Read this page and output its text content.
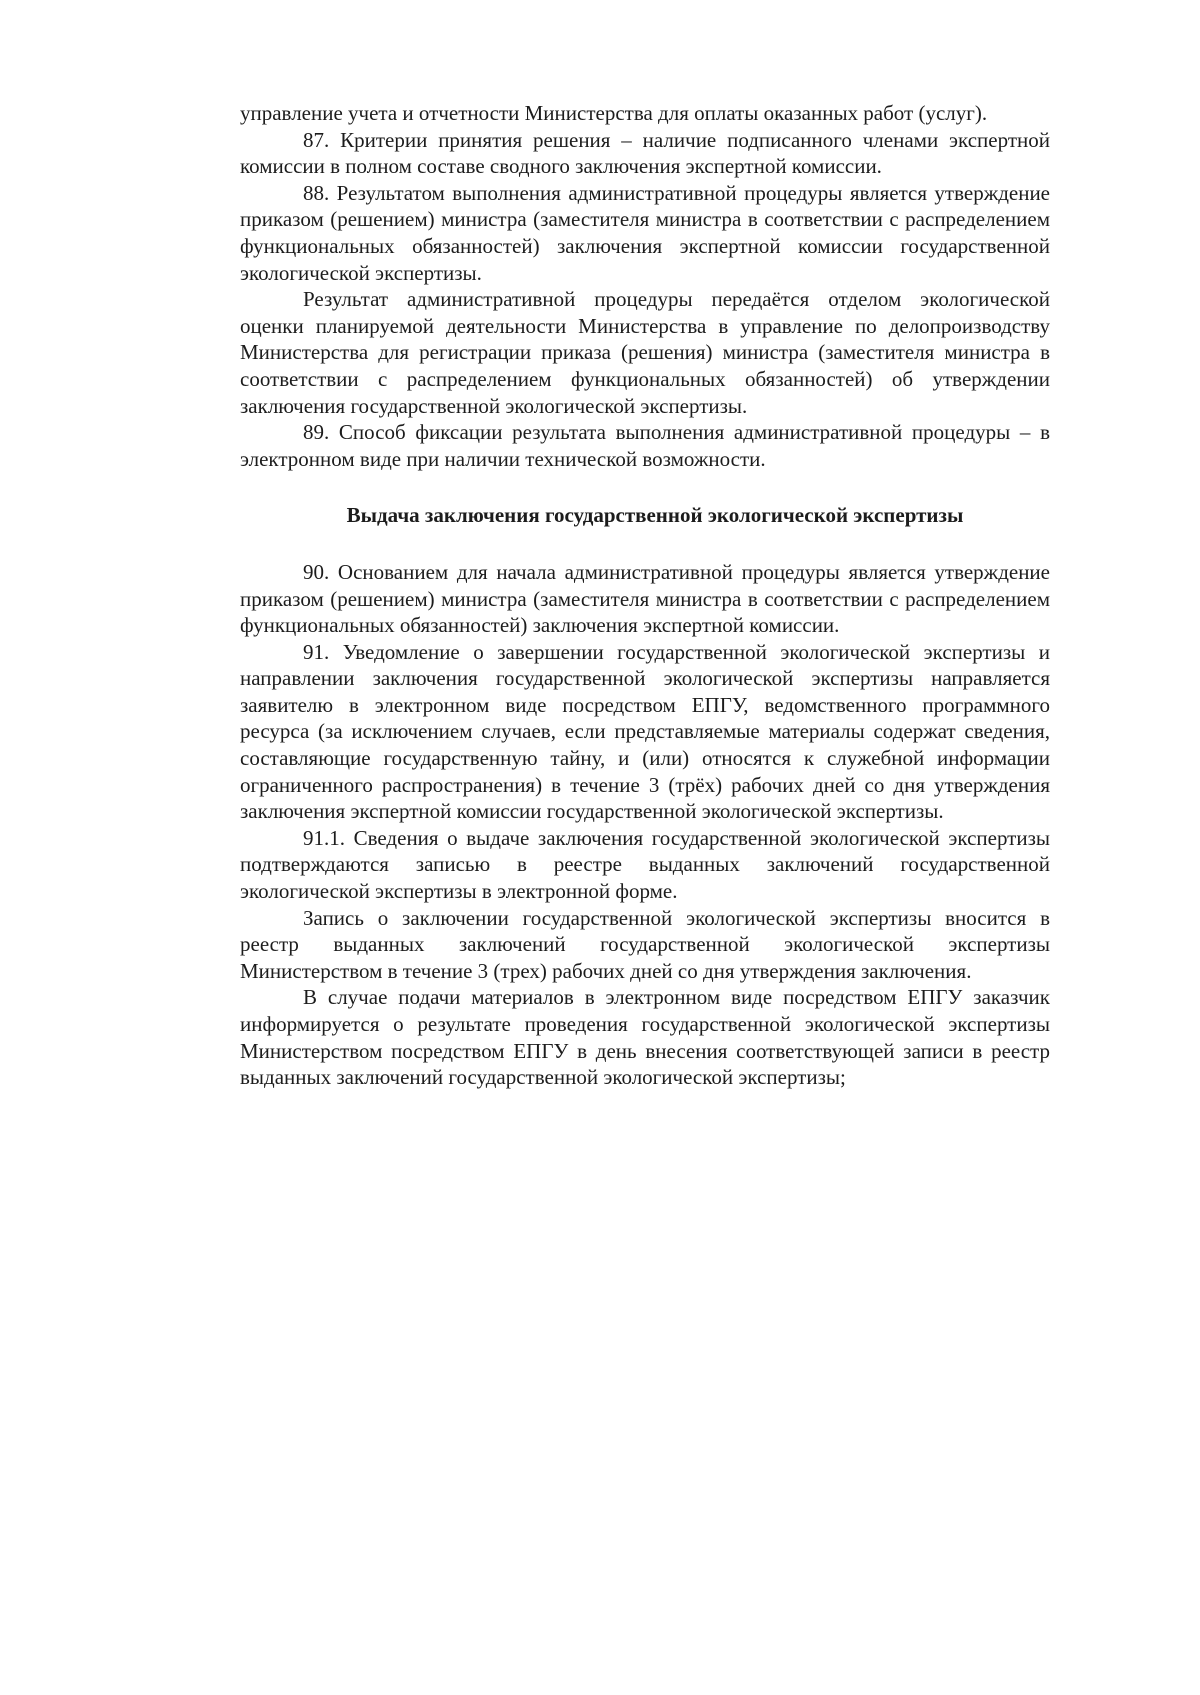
управление учета и отчетности Министерства для оплаты оказанных работ (услуг).

87. Критерии принятия решения – наличие подписанного членами экспертной комиссии в полном составе сводного заключения экспертной комиссии.

88. Результатом выполнения административной процедуры является утверждение приказом (решением) министра (заместителя министра в соответствии с распределением функциональных обязанностей) заключения экспертной комиссии государственной экологической экспертизы.

Результат административной процедуры передаётся отделом экологической оценки планируемой деятельности Министерства в управление по делопроизводству Министерства для регистрации приказа (решения) министра (заместителя министра в соответствии с распределением функциональных обязанностей) об утверждении заключения государственной экологической экспертизы.

89. Способ фиксации результата выполнения административной процедуры – в электронном виде при наличии технической возможности.

Выдача заключения государственной экологической экспертизы

90. Основанием для начала административной процедуры является утверждение приказом (решением) министра (заместителя министра в соответствии с распределением функциональных обязанностей) заключения экспертной комиссии.

91. Уведомление о завершении государственной экологической экспертизы и направлении заключения государственной экологической экспертизы направляется заявителю в электронном виде посредством ЕПГУ, ведомственного программного ресурса (за исключением случаев, если представляемые материалы содержат сведения, составляющие государственную тайну, и (или) относятся к служебной информации ограниченного распространения) в течение 3 (трёх) рабочих дней со дня утверждения заключения экспертной комиссии государственной экологической экспертизы.

91.1. Сведения о выдаче заключения государственной экологической экспертизы подтверждаются записью в реестре выданных заключений государственной экологической экспертизы в электронной форме.

Запись о заключении государственной экологической экспертизы вносится в реестр выданных заключений государственной экологической экспертизы Министерством в течение 3 (трех) рабочих дней со дня утверждения заключения.

В случае подачи материалов в электронном виде посредством ЕПГУ заказчик информируется о результате проведения государственной экологической экспертизы Министерством посредством ЕПГУ в день внесения соответствующей записи в реестр выданных заключений государственной экологической экспертизы;
